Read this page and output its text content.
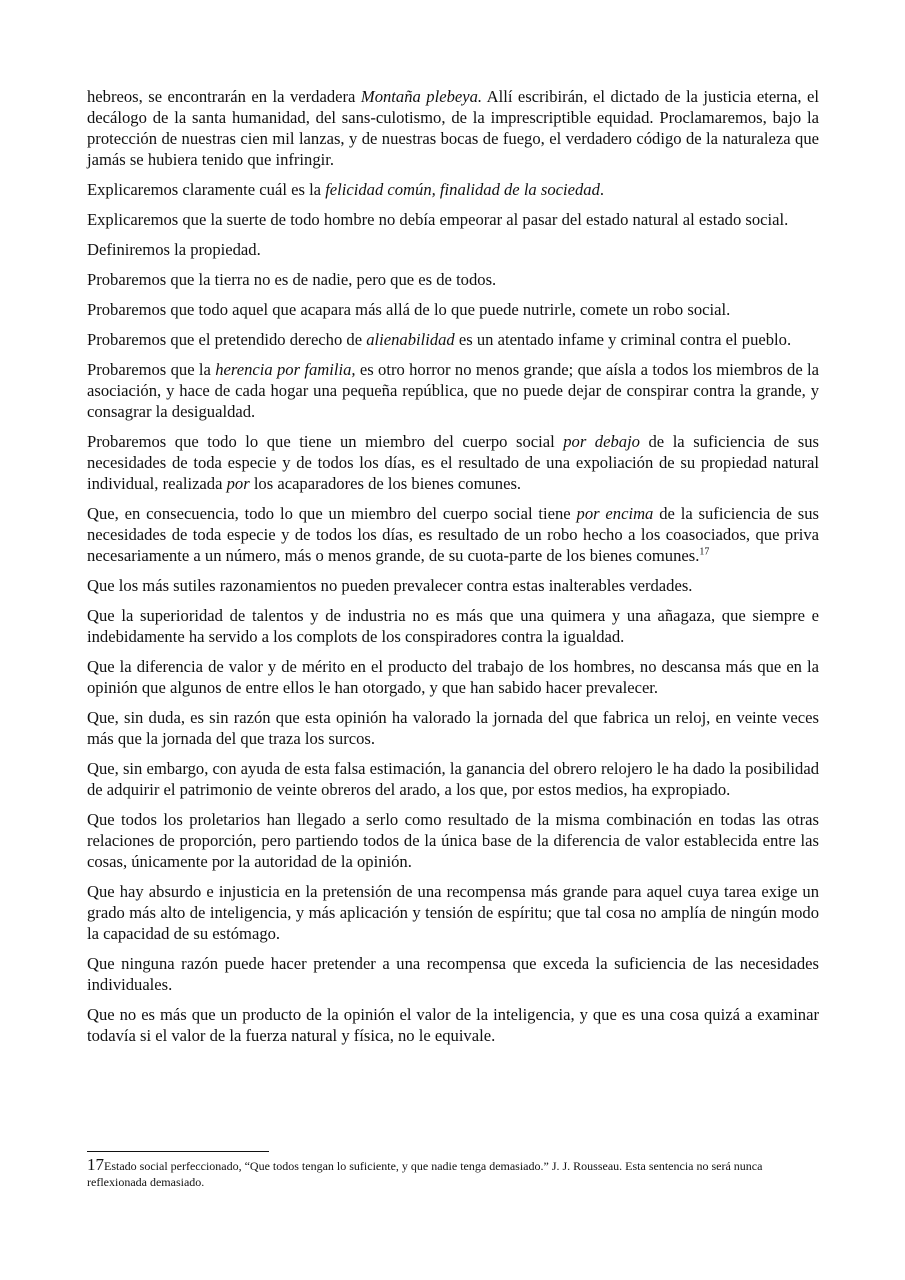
hebreos, se encontrarán en la verdadera Montaña plebeya. Allí escribirán, el dictado de la justicia eterna, el decálogo de la santa humanidad, del sans-culotismo, de la imprescriptible equidad. Proclamaremos, bajo la protección de nuestras cien mil lanzas, y de nuestras bocas de fuego, el verdadero código de la naturaleza que jamás se hubiera tenido que infringir.

Explicaremos claramente cuál es la felicidad común, finalidad de la sociedad.

Explicaremos que la suerte de todo hombre no debía empeorar al pasar del estado natural al estado social.

Definiremos la propiedad.

Probaremos que la tierra no es de nadie, pero que es de todos.

Probaremos que todo aquel que acapara más allá de lo que puede nutrirle, comete un robo social.

Probaremos que el pretendido derecho de alienabilidad es un atentado infame y criminal contra el pueblo.

Probaremos que la herencia por familia, es otro horror no menos grande; que aísla a todos los miembros de la asociación, y hace de cada hogar una pequeña república, que no puede dejar de conspirar contra la grande, y consagrar la desigualdad.

Probaremos que todo lo que tiene un miembro del cuerpo social por debajo de la suficiencia de sus necesidades de toda especie y de todos los días, es el resultado de una expoliación de su propiedad natural individual, realizada por los acaparadores de los bienes comunes.

Que, en consecuencia, todo lo que un miembro del cuerpo social tiene por encima de la suficiencia de sus necesidades de toda especie y de todos los días, es resultado de un robo hecho a los coasociados, que priva necesariamente a un número, más o menos grande, de su cuota-parte de los bienes comunes.$^{17}$

Que los más sutiles razonamientos no pueden prevalecer contra estas inalterables verdades.

Que la superioridad de talentos y de industria no es más que una quimera y una añagaza, que siempre e indebidamente ha servido a los complots de los conspiradores contra la igualdad.

Que la diferencia de valor y de mérito en el producto del trabajo de los hombres, no descansa más que en la opinión que algunos de entre ellos le han otorgado, y que han sabido hacer prevalecer.

Que, sin duda, es sin razón que esta opinión ha valorado la jornada del que fabrica un reloj, en veinte veces más que la jornada del que traza los surcos.

Que, sin embargo, con ayuda de esta falsa estimación, la ganancia del obrero relojero le ha dado la posibilidad de adquirir el patrimonio de veinte obreros del arado, a los que, por estos medios, ha expropiado.

Que todos los proletarios han llegado a serlo como resultado de la misma combinación en todas las otras relaciones de proporción, pero partiendo todos de la única base de la diferencia de valor establecida entre las cosas, únicamente por la autoridad de la opinión.

Que hay absurdo e injusticia en la pretensión de una recompensa más grande para aquel cuya tarea exige un grado más alto de inteligencia, y más aplicación y tensión de espíritu; que tal cosa no amplía de ningún modo la capacidad de su estómago.

Que ninguna razón puede hacer pretender a una recompensa que exceda la suficiencia de las necesidades individuales.

Que no es más que un producto de la opinión el valor de la inteligencia, y que es una cosa quizá a examinar todavía si el valor de la fuerza natural y física, no le equivale.

17Estado social perfeccionado, “Que todos tengan lo suficiente, y que nadie tenga demasiado.” J. J. Rousseau. Esta sentencia no será nunca reflexionada demasiado.
